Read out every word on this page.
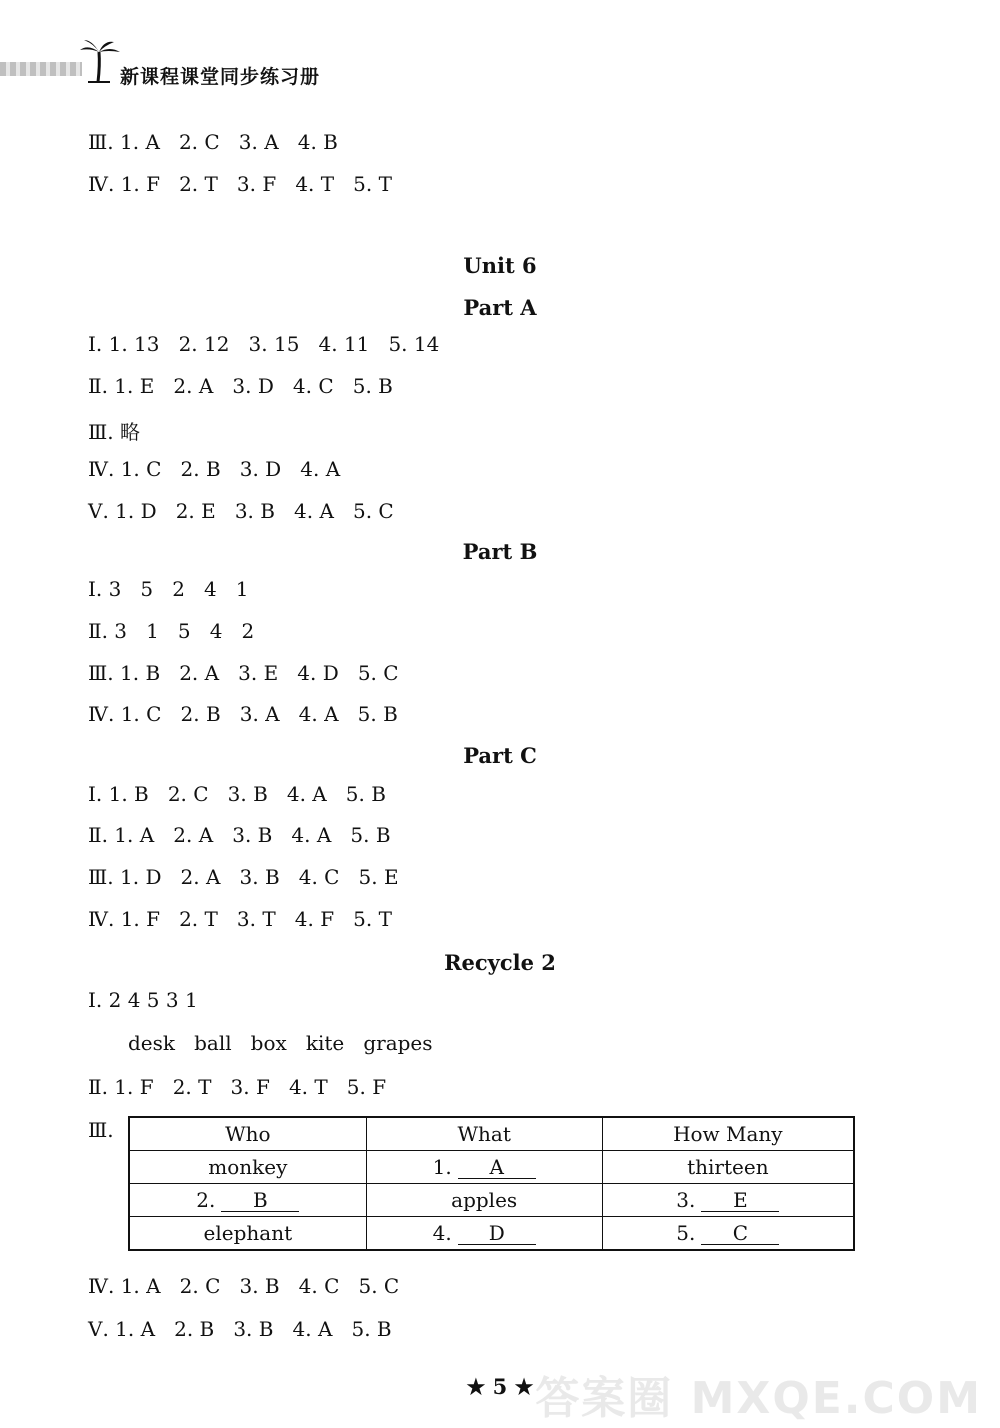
新课程课堂同步练习册
Ⅲ. 1. A   2. C   3. A   4. B
Ⅳ. 1. F   2. T   3. F   4. T   5. T
Unit 6
Part A
Ⅰ. 1. 13   2. 12   3. 15   4. 11   5. 14
Ⅱ. 1. E   2. A   3. D   4. C   5. B
Ⅲ. 略
Ⅳ. 1. C   2. B   3. D   4. A
Ⅴ. 1. D   2. E   3. B   4. A   5. C
Part B
Ⅰ. 3   5   2   4   1
Ⅱ. 3   1   5   4   2
Ⅲ. 1. B   2. A   3. E   4. D   5. C
Ⅳ. 1. C   2. B   3. A   4. A   5. B
Part C
Ⅰ. 1. B   2. C   3. B   4. A   5. B
Ⅱ. 1. A   2. A   3. B   4. A   5. B
Ⅲ. 1. D   2. A   3. B   4. C   5. E
Ⅳ. 1. F   2. T   3. T   4. F   5. T
Recycle 2
Ⅰ. 2 4 5 3 1
desk   ball   box   kite   grapes
Ⅱ. 1. F   2. T   3. F   4. T   5. F
Ⅲ.	Who	What	How Many
monkey	1. A	thirteen
2. B	apples	3. E
elephant	4. D	5. C
Ⅳ. 1. A   2. C   3. B   4. C   5. C
Ⅴ. 1. A   2. B   3. B   4. A   5. B
★ 5 ★ 答案圈 MXQE.COM
